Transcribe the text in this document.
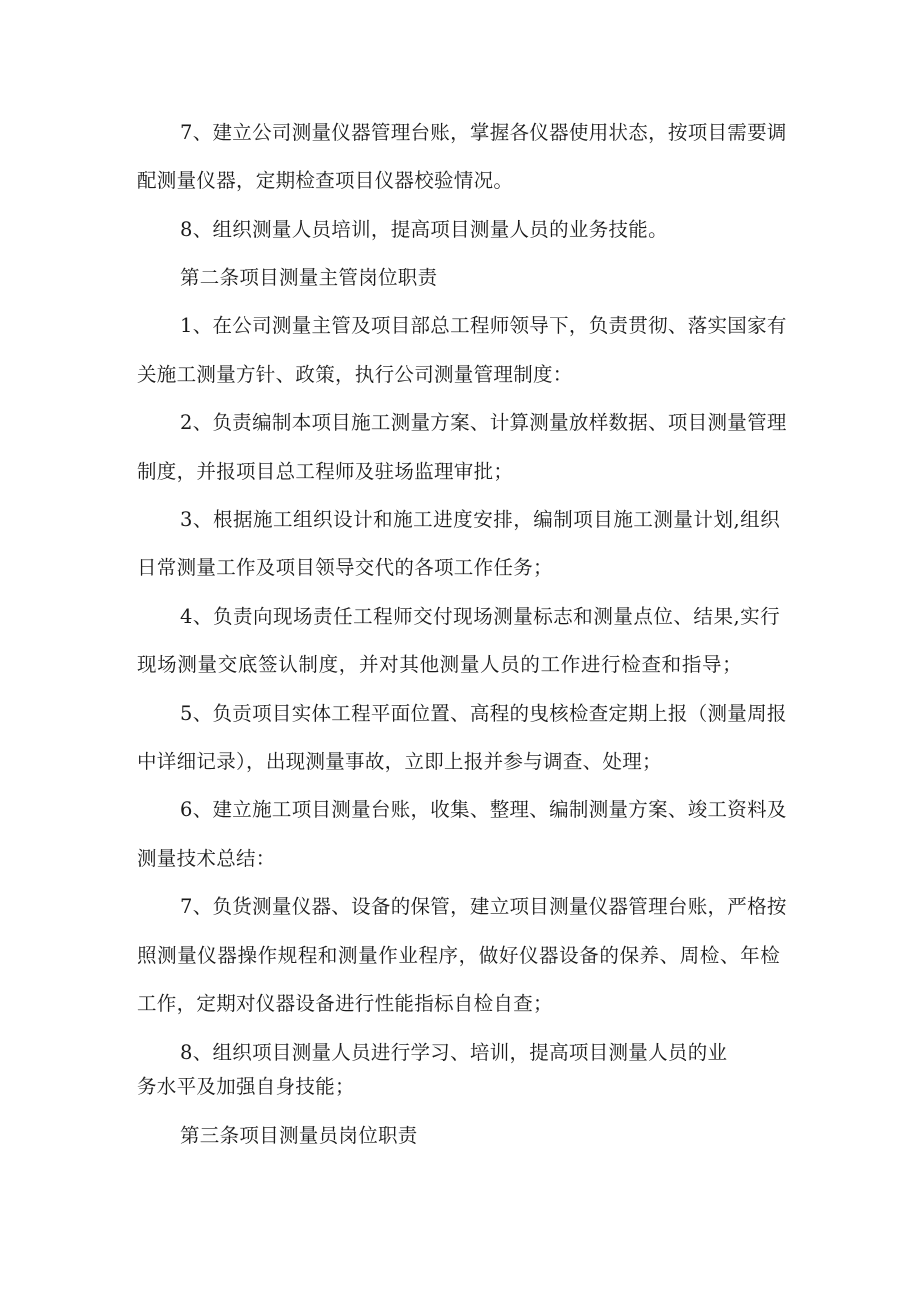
7、建立公司测量仪器管理台账，掌握各仪器使用状态，按项目需要调
配测量仪器，定期检查项目仪器校验情况。
8、组织测量人员培训，提高项目测量人员的业务技能。
第二条项目测量主管岗位职责
1、在公司测量主管及项目部总工程师领导下，负责贯彻、落实国家有
关施工测量方针、政策，执行公司测量管理制度：
2、负责编制本项目施工测量方案、计算测量放样数据、项目测量管理
制度，并报项目总工程师及驻场监理审批；
3、根据施工组织设计和施工进度安排，编制项目施工测量计划,组织
日常测量工作及项目领导交代的各项工作任务；
4、负责向现场责任工程师交付现场测量标志和测量点位、结果,实行
现场测量交底签认制度，并对其他测量人员的工作进行检查和指导；
5、负贡项目实体工程平面位置、高程的曳核检查定期上报（测量周报
中详细记录），出现测量事故，立即上报并参与调查、处理；
6、建立施工项目测量台账，收集、整理、编制测量方案、竣工资料及
测量技术总结：
7、负货测量仪器、设备的保管，建立项目测量仪器管理台账，严格按
照测量仪器操作规程和测量作业程序，做好仪器设备的保养、周检、年检
工作，定期对仪器设备进行性能指标自检自查；
8、组织项目测量人员进行学习、培训，提高项目测量人员的业
务水平及加强自身技能；
第三条项目测量员岗位职责
